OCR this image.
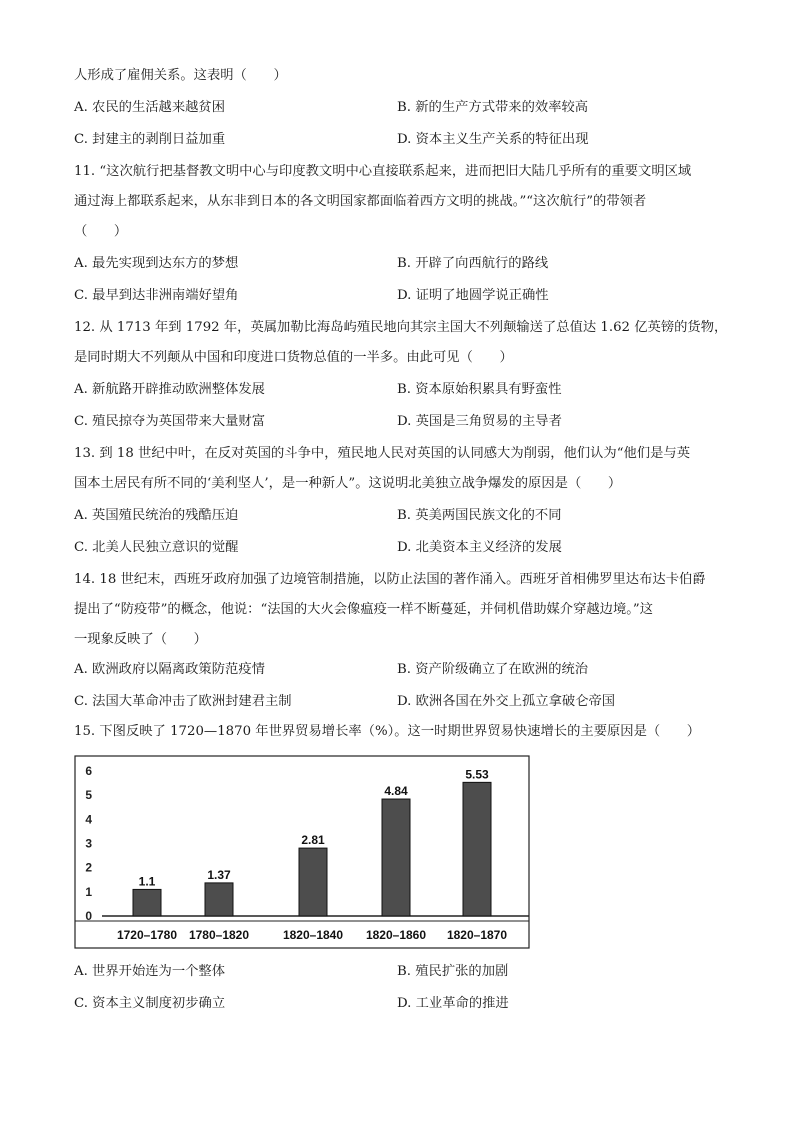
人形成了雇佣关系。这表明（　　）
A. 农民的生活越来越贫困	B. 新的生产方式带来的效率较高
C. 封建主的剥削日益加重	D. 资本主义生产关系的特征出现
11. “这次航行把基督教文明中心与印度教文明中心直接联系起来，进而把旧大陆几乎所有的重要文明区域
通过海上都联系起来，从东非到日本的各文明国家都面临着西方文明的挑战。”“这次航行”的带领者
（　　）
A. 最先实现到达东方的梦想	B. 开辟了向西航行的路线
C. 最早到达非洲南端好望角	D. 证明了地圆学说正确性
12. 从 1713 年到 1792 年，英属加勒比海岛屿殖民地向其宗主国大不列颠输送了总值达 1.62 亿英镑的货物，
是同时期大不列颠从中国和印度进口货物总值的一半多。由此可见（　　）
A. 新航路开辟推动欧洲整体发展	B. 资本原始积累具有野蛮性
C. 殖民掠夺为英国带来大量财富	D. 英国是三角贸易的主导者
13. 到 18 世纪中叶，在反对英国的斗争中，殖民地人民对英国的认同感大为削弱，他们认为“他们是与英
国本土居民有所不同的‘美利坚人’，是一种新人”。这说明北美独立战争爆发的原因是（　　）
A. 英国殖民统治的残酷压迫	B. 英美两国民族文化的不同
C. 北美人民独立意识的觉醒	D. 北美资本主义经济的发展
14. 18 世纪末，西班牙政府加强了边境管制措施，以防止法国的著作涌入。西班牙首相佛罗里达布达卡伯爵
提出了“防疫带”的概念，他说：“法国的大火会像瘟疫一样不断蔓延，并伺机借助媒介穿越边境。”这
一现象反映了（　　）
A. 欧洲政府以隔离政策防范疫情	B. 资产阶级确立了在欧洲的统治
C. 法国大革命冲击了欧洲封建君主制	D. 欧洲各国在外交上孤立拿破仑帝国
15. 下图反映了 1720—1870 年世界贸易增长率（%）。这一时期世界贸易快速增长的主要原因是（　　）
0
1
2
3
4
5
6
1.1	1.37
2.81
4.84
5.53
1720–1780 1780–1820	1820–1840 1820–1860 1820–1870
A. 世界开始连为一个整体	B. 殖民扩张的加剧
C. 资本主义制度初步确立	D. 工业革命的推进
